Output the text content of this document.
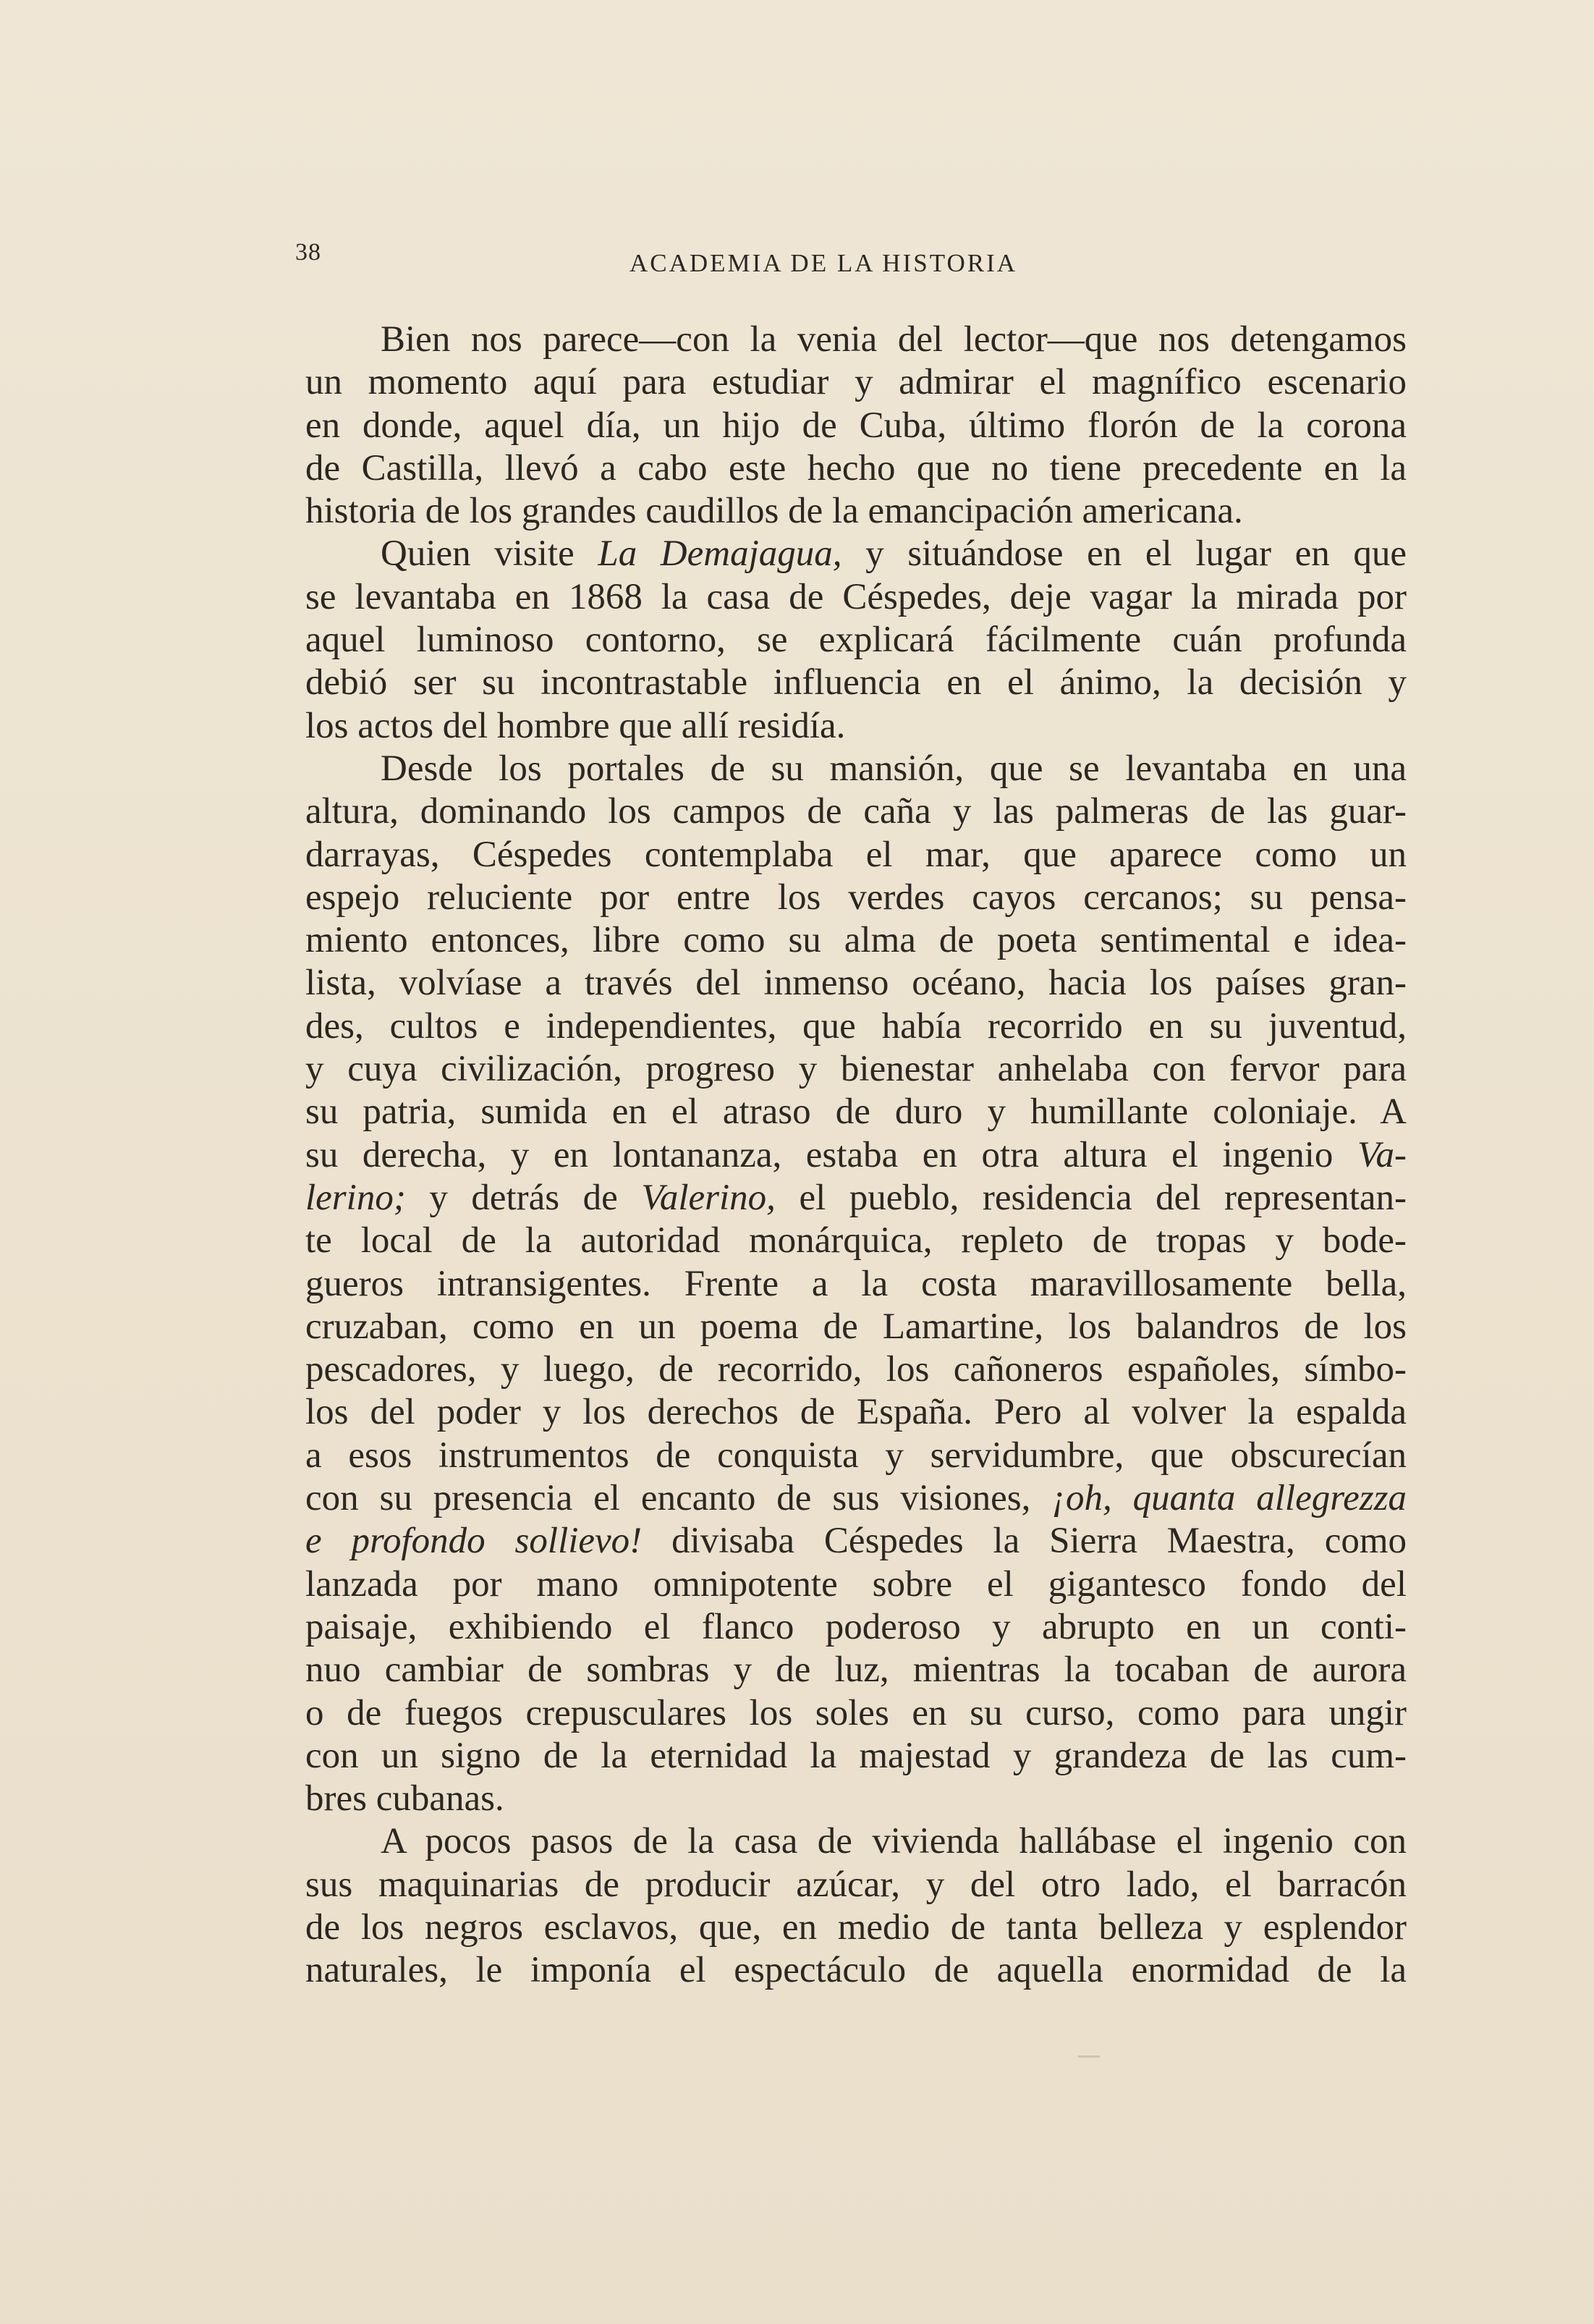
38	ACADEMIA DE LA HISTORIA
Bien nos parece—con la venia del lector—que nos detengamos
un momento aquí para estudiar y admirar el magnífico escenario
en donde, aquel día, un hijo de Cuba, último florón de la corona
de Castilla, llevó a cabo este hecho que no tiene precedente en la
historia de los grandes caudillos de la emancipación americana.
Quien visite La Demajagua, y situándose en el lugar en que
se levantaba en 1868 la casa de Céspedes, deje vagar la mirada por
aquel luminoso contorno, se explicará fácilmente cuán profunda
debió ser su incontrastable influencia en el ánimo, la decisión y
los actos del hombre que allí residía.
Desde los portales de su mansión, que se levantaba en una
altura, dominando los campos de caña y las palmeras de las guar-
darrayas, Céspedes contemplaba el mar, que aparece como un
espejo reluciente por entre los verdes cayos cercanos; su pensa-
miento entonces, libre como su alma de poeta sentimental e idea-
lista, volvíase a través del inmenso océano, hacia los países gran-
des, cultos e independientes, que había recorrido en su juventud,
y cuya civilización, progreso y bienestar anhelaba con fervor para
su patria, sumida en el atraso de duro y humillante coloniaje. A
su derecha, y en lontananza, estaba en otra altura el ingenio Va-
lerino; y detrás de Valerino, el pueblo, residencia del representan-
te local de la autoridad monárquica, repleto de tropas y bode-
gueros intransigentes. Frente a la costa maravillosamente bella,
cruzaban, como en un poema de Lamartine, los balandros de los
pescadores, y luego, de recorrido, los cañoneros españoles, símbo-
los del poder y los derechos de España. Pero al volver la espalda
a esos instrumentos de conquista y servidumbre, que obscurecían
con su presencia el encanto de sus visiones, ¡oh, quanta allegrezza
e profondo sollievo! divisaba Céspedes la Sierra Maestra, como
lanzada por mano omnipotente sobre el gigantesco fondo del
paisaje, exhibiendo el flanco poderoso y abrupto en un conti-
nuo cambiar de sombras y de luz, mientras la tocaban de aurora
o de fuegos crepusculares los soles en su curso, como para ungir
con un signo de la eternidad la majestad y grandeza de las cum-
bres cubanas.
A pocos pasos de la casa de vivienda hallábase el ingenio con
sus maquinarias de producir azúcar, y del otro lado, el barracón
de los negros esclavos, que, en medio de tanta belleza y esplendor
naturales, le imponía el espectáculo de aquella enormidad de la
